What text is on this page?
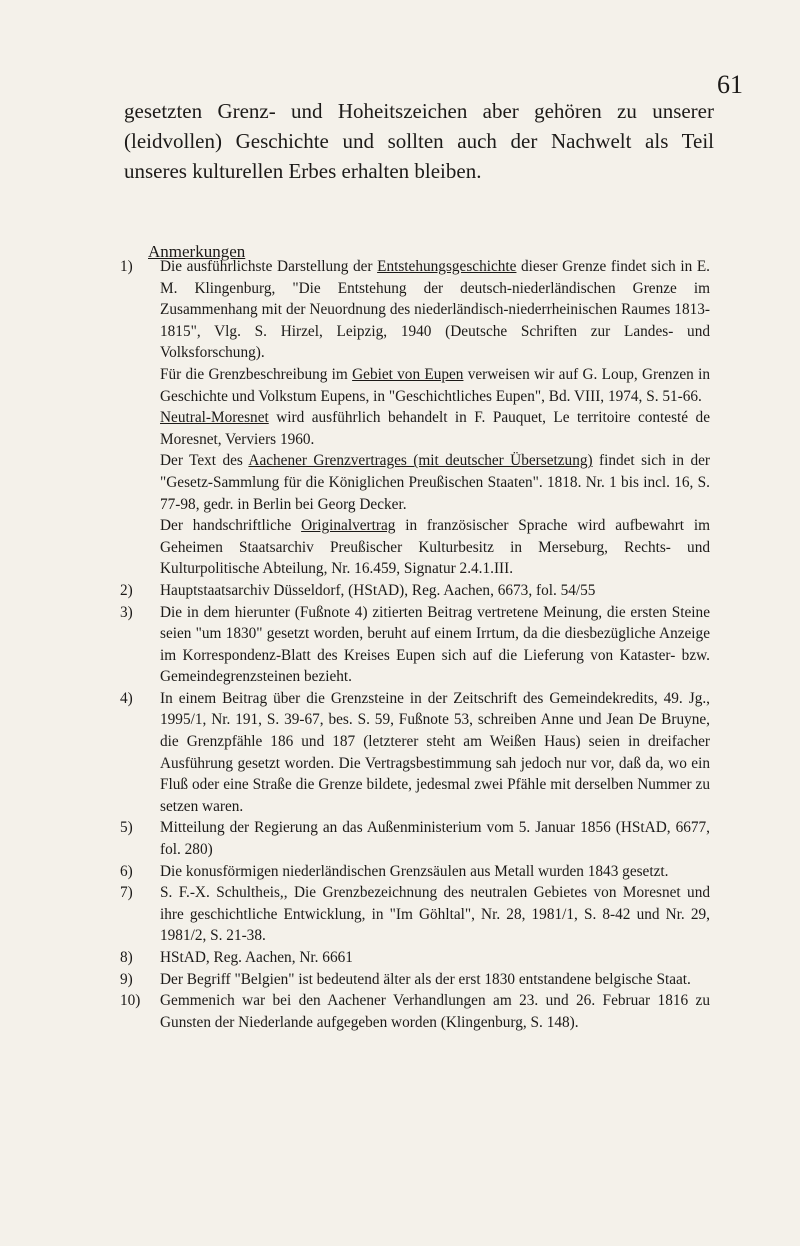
61
gesetzten Grenz- und Hoheitszeichen aber gehören zu unserer (leidvollen) Geschichte und sollten auch der Nachwelt als Teil unseres kulturellen Erbes erhalten bleiben.
Anmerkungen
1)	Die ausführlichste Darstellung der Entstehungsgeschichte dieser Grenze findet sich in E. M. Klingenburg, "Die Entstehung der deutsch-niederländischen Grenze im Zusammenhang mit der Neuordnung des niederländisch-niederrheinischen Raumes 1813-1815", Vlg. S. Hirzel, Leipzig, 1940 (Deutsche Schriften zur Landes- und Volksforschung).

Für die Grenzbeschreibung im Gebiet von Eupen verweisen wir auf G. Loup, Grenzen in Geschichte und Volkstum Eupens, in "Geschichtliches Eupen", Bd. VIII, 1974, S. 51-66.

Neutral-Moresnet wird ausführlich behandelt in F. Pauquet, Le territoire contesté de Moresnet, Verviers 1960.

Der Text des Aachener Grenzvertrages (mit deutscher Übersetzung) findet sich in der "Gesetz-Sammlung für die Königlichen Preußischen Staaten". 1818. Nr. 1 bis incl. 16, S. 77-98, gedr. in Berlin bei Georg Decker.

Der handschriftliche Originalvertrag in französischer Sprache wird aufbewahrt im Geheimen Staatsarchiv Preußischer Kulturbesitz in Merseburg, Rechts- und Kulturpolitische Abteilung, Nr. 16.459, Signatur 2.4.1.III.

2)	Hauptstaatsarchiv Düsseldorf, (HStAD), Reg. Aachen, 6673, fol. 54/55

3)	Die in dem hierunter (Fußnote 4) zitierten Beitrag vertretene Meinung, die ersten Steine seien "um 1830" gesetzt worden, beruht auf einem Irrtum, da die diesbezügliche Anzeige im Korrespondenz-Blatt des Kreises Eupen sich auf die Lieferung von Kataster- bzw. Gemeindegrenzsteinen bezieht.

4)	In einem Beitrag über die Grenzsteine in der Zeitschrift des Gemeindekredits, 49. Jg., 1995/1, Nr. 191, S. 39-67, bes. S. 59, Fußnote 53, schreiben Anne und Jean De Bruyne, die Grenzpfähle 186 und 187 (letzterer steht am Weißen Haus) seien in dreifacher Ausführung gesetzt worden. Die Vertragsbestimmung sah jedoch nur vor, daß da, wo ein Fluß oder eine Straße die Grenze bildete, jedesmal zwei Pfähle mit derselben Nummer zu setzen waren.

5)	Mitteilung der Regierung an das Außenministerium vom 5. Januar 1856 (HStAD, 6677, fol. 280)

6)	Die konusförmigen niederländischen Grenzsäulen aus Metall wurden 1843 gesetzt.

7)	S. F.-X. Schultheis,, Die Grenzbezeichnung des neutralen Gebietes von Moresnet und ihre geschichtliche Entwicklung, in "Im Göhltal", Nr. 28, 1981/1, S. 8-42 und Nr. 29, 1981/2, S. 21-38.

8)	HStAD, Reg. Aachen, Nr. 6661

9)	Der Begriff "Belgien" ist bedeutend älter als der erst 1830 entstandene belgische Staat.

10)	Gemmenich war bei den Aachener Verhandlungen am 23. und 26. Februar 1816 zu Gunsten der Niederlande aufgegeben worden (Klingenburg, S. 148).
